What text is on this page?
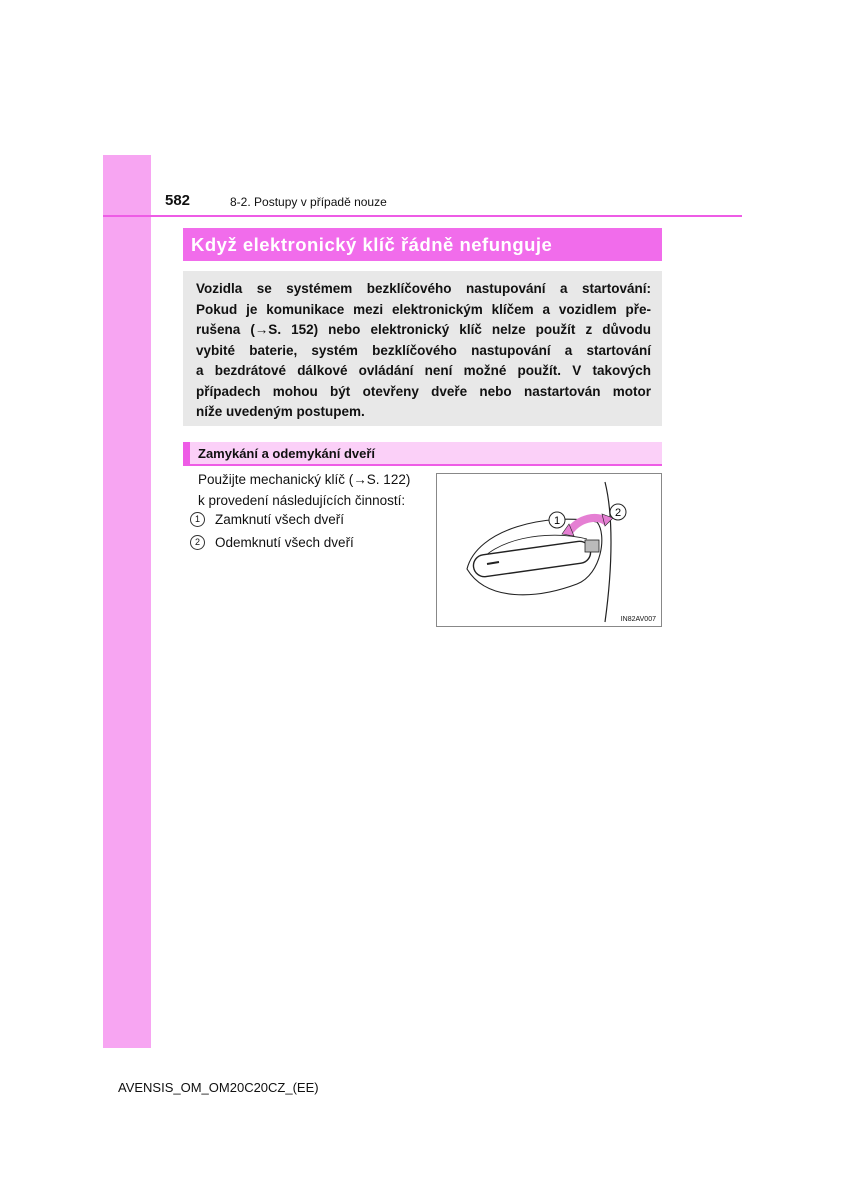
582	8-2. Postupy v případě nouze
Když elektronický klíč řádně nefunguje
Vozidla se systémem bezklíčového nastupování a startování:
Pokud je komunikace mezi elektronickým klíčem a vozidlem pře-
rušena (→S. 152) nebo elektronický klíč nelze použít z důvodu
vybité baterie, systém bezklíčového nastupování a startování
a bezdrátové dálkové ovládání není možné použít. V takových
případech mohou být otevřeny dveře nebo nastartován motor
níže uvedeným postupem.
Zamykání a odemykání dveří
Použijte mechanický klíč (→S. 122)
k provedení následujících činností:
1	Zamknutí všech dveří
2	Odemknutí všech dveří
1
2
IN82AV007
AVENSIS_OM_OM20C20CZ_(EE)
